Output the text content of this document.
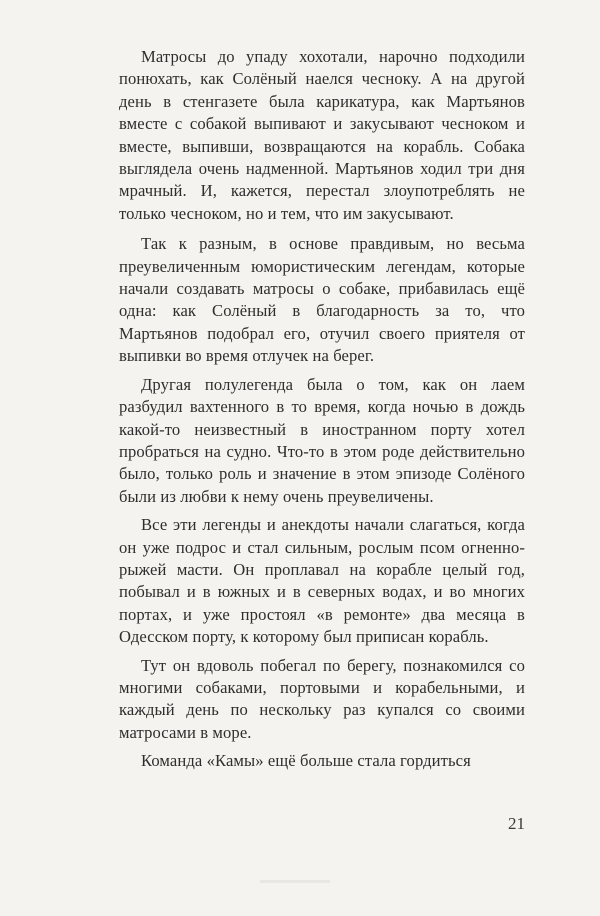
Матросы до упаду хохотали, нарочно подходили понюхать, как Солёный наелся чесноку. А на другой день в стенгазете была карикатура, как Мартьянов вместе с собакой выпивают и закусывают чесноком и вместе, выпивши, возвращаются на корабль. Собака выглядела очень надменной. Мартьянов ходил три дня мрачный. И, кажется, перестал злоупотреблять не только чесноком, но и тем, что им закусывают.

Так к разным, в основе правдивым, но весьма преувеличенным юмористическим легендам, которые начали создавать матросы о собаке, прибавилась ещё одна: как Солёный в благодарность за то, что Мартьянов подобрал его, отучил своего приятеля от выпивки во время отлучек на берег.

Другая полулегенда была о том, как он лаем разбудил вахтенного в то время, когда ночью в дождь какой-то неизвестный в иностранном порту хотел пробраться на судно. Что-то в этом роде действительно было, только роль и значение в этом эпизоде Солёного были из любви к нему очень преувеличены.

Все эти легенды и анекдоты начали слагаться, когда он уже подрос и стал сильным, рослым псом огненно-рыжей масти. Он проплавал на корабле целый год, побывал и в южных и в северных водах, и во многих портах, и уже простоял «в ремонте» два месяца в Одесском порту, к которому был приписан корабль.

Тут он вдоволь побегал по берегу, познакомился со многими собаками, портовыми и корабельными, и каждый день по нескольку раз купался со своими матросами в море.

Команда «Камы» ещё больше стала гордиться

21
